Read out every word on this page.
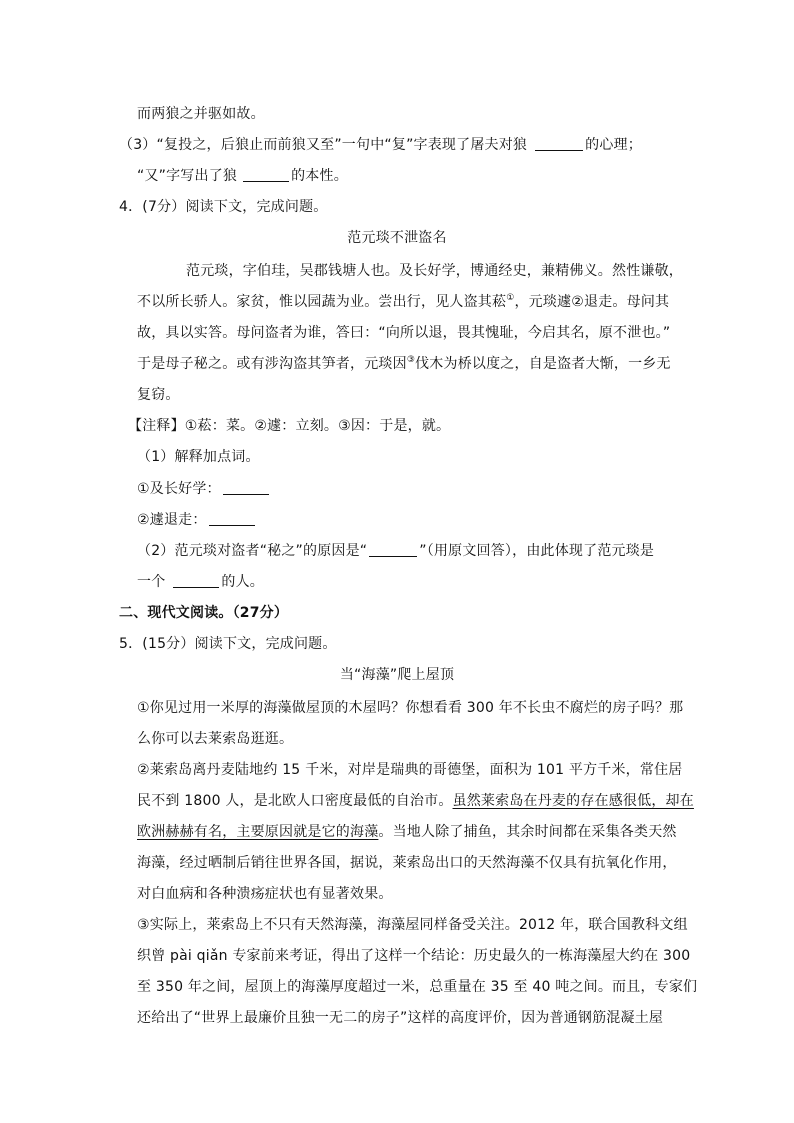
而两狼之并驱如故。
（3）“复投之，后狼止而前狼又至”一句中“复”字表现了屠夫对狼	的心理；
“又”字写出了狼	的本性。
4．(7分）阅读下文，完成问题。
范元琰不泄盗名
范元琰，字伯珪，吴郡钱塘人也。及长好学，博通经史，兼精佛义。然性谦敬，
不以所长骄人。家贫，惟以园蔬为业。尝出行，见人盗其菘①，元琰遽②退走。母问其
故，具以实答。母问盗者为谁，答曰：“向所以退，畏其愧耻，今启其名，原不泄也。”
于是母子秘之。或有涉沟盗其笋者，元琰因③伐木为桥以度之，自是盗者大惭，一乡无
复窃。
【注释】①菘：菜。②遽：立刻。③因：于是，就。
（1）解释加点词。
①及长好学：
②遽退走：
（2）范元琰对盗者“秘之”的原因是“	”（用原文回答），由此体现了范元琰是
一个	的人。
二、现代文阅读。（27分）
5．(15分）阅读下文，完成问题。
当“海藻”爬上屋顶
①你见过用一米厚的海藻做屋顶的木屋吗？你想看看 300 年不长虫不腐烂的房子吗？那
么你可以去莱索岛逛逛。
②莱索岛离丹麦陆地约 15 千米，对岸是瑞典的哥德堡，面积为 101 平方千米，常住居
民不到 1800 人，是北欧人口密度最低的自治市。虽然莱索岛在丹麦的存在感很低，却在
欧洲赫赫有名，主要原因就是它的海藻。当地人除了捕鱼，其余时间都在采集各类天然
海藻，经过晒制后销往世界各国，据说，莱索岛出口的天然海藻不仅具有抗氧化作用，
对白血病和各种溃疡症状也有显著效果。
③实际上，莱索岛上不只有天然海藻，海藻屋同样备受关注。2012 年，联合国教科文组
织曾 pài qiǎn 专家前来考证，得出了这样一个结论：历史最久的一栋海藻屋大约在 300
至 350 年之间，屋顶上的海藻厚度超过一米，总重量在 35 至 40 吨之间。而且，专家们
还给出了“世界上最廉价且独一无二的房子”这样的高度评价，因为普通钢筋混凝土屋
